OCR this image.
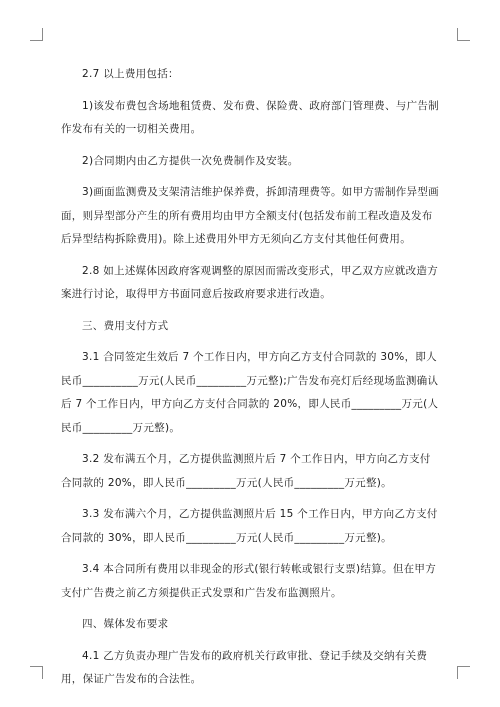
2.7 以上费用包括：
1)该发布费包含场地租赁费、发布费、保险费、政府部门管理费、与广告制作发布有关的一切相关费用。
2)合同期内由乙方提供一次免费制作及安装。
3)画面监测费及支架清洁维护保养费，拆卸清理费等。如甲方需制作异型画面，则异型部分产生的所有费用均由甲方全额支付(包括发布前工程改造及发布后异型结构拆除费用)。除上述费用外甲方无须向乙方支付其他任何费用。
2.8 如上述媒体因政府客观调整的原因而需改变形式，甲乙双方应就改造方案进行讨论，取得甲方书面同意后按政府要求进行改造。
三、费用支付方式
3.1 合同签定生效后 7 个工作日内，甲方向乙方支付合同款的 30%，即人民币__________万元(人民币_________万元整);广告发布亮灯后经现场监测确认后 7 个工作日内，甲方向乙方支付合同款的 20%，即人民币_________万元(人民币_________万元整)。
3.2 发布满五个月，乙方提供监测照片后 7 个工作日内，甲方向乙方支付合同款的 20%，即人民币_________万元(人民币_________万元整)。
3.3 发布满六个月，乙方提供监测照片后 15 个工作日内，甲方向乙方支付合同款的 30%，即人民币_________万元(人民币_________万元整)。
3.4 本合同所有费用以非现金的形式(银行转帐或银行支票)结算。但在甲方支付广告费之前乙方须提供正式发票和广告发布监测照片。
四、媒体发布要求
4.1 乙方负责办理广告发布的政府机关行政审批、登记手续及交纳有关费用，保证广告发布的合法性。
